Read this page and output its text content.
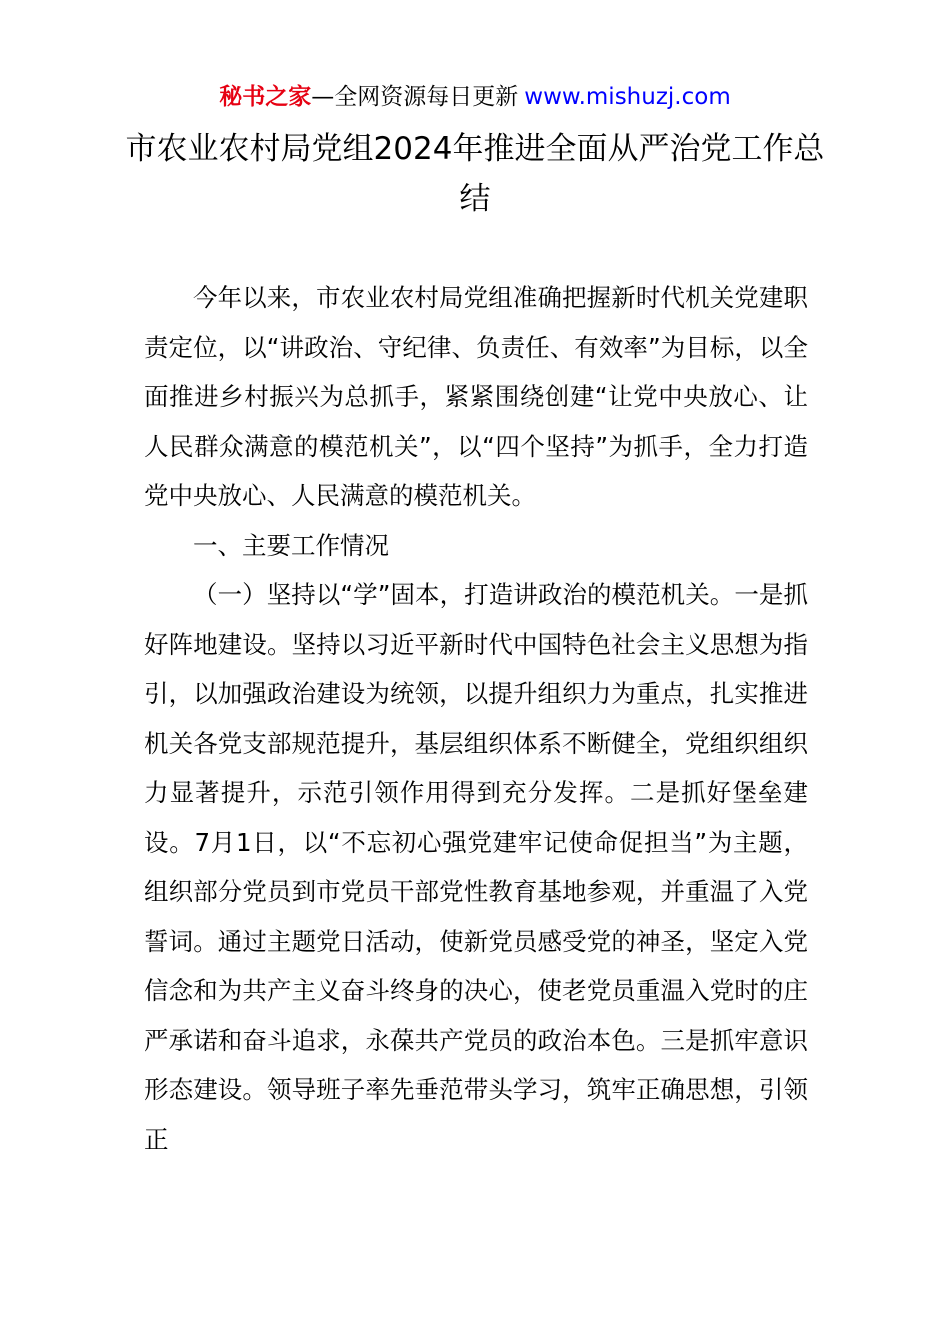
秘书之家—全网资源每日更新 www.mishuzj.com
市农业农村局党组2024年推进全面从严治党工作总结

今年以来，市农业农村局党组准确把握新时代机关党建职责定位，以“讲政治、守纪律、负责任、有效率”为目标，以全面推进乡村振兴为总抓手，紧紧围绕创建“让党中央放心、让人民群众满意的模范机关”，以“四个坚持”为抓手，全力打造党中央放心、人民满意的模范机关。

一、主要工作情况

（一）坚持以“学”固本，打造讲政治的模范机关。一是抓好阵地建设。坚持以习近平新时代中国特色社会主义思想为指引，以加强政治建设为统领，以提升组织力为重点，扎实推进机关各党支部规范提升，基层组织体系不断健全，党组织组织力显著提升，示范引领作用得到充分发挥。二是抓好堡垒建设。7月1日，以“不忘初心强党建牢记使命促担当”为主题，组织部分党员到市党员干部党性教育基地参观，并重温了入党誓词。通过主题党日活动，使新党员感受党的神圣，坚定入党信念和为共产主义奋斗终身的决心，使老党员重温入党时的庄严承诺和奋斗追求，永葆共产党员的政治本色。三是抓牢意识形态建设。领导班子率先垂范带头学习，筑牢正确思想，引领正
